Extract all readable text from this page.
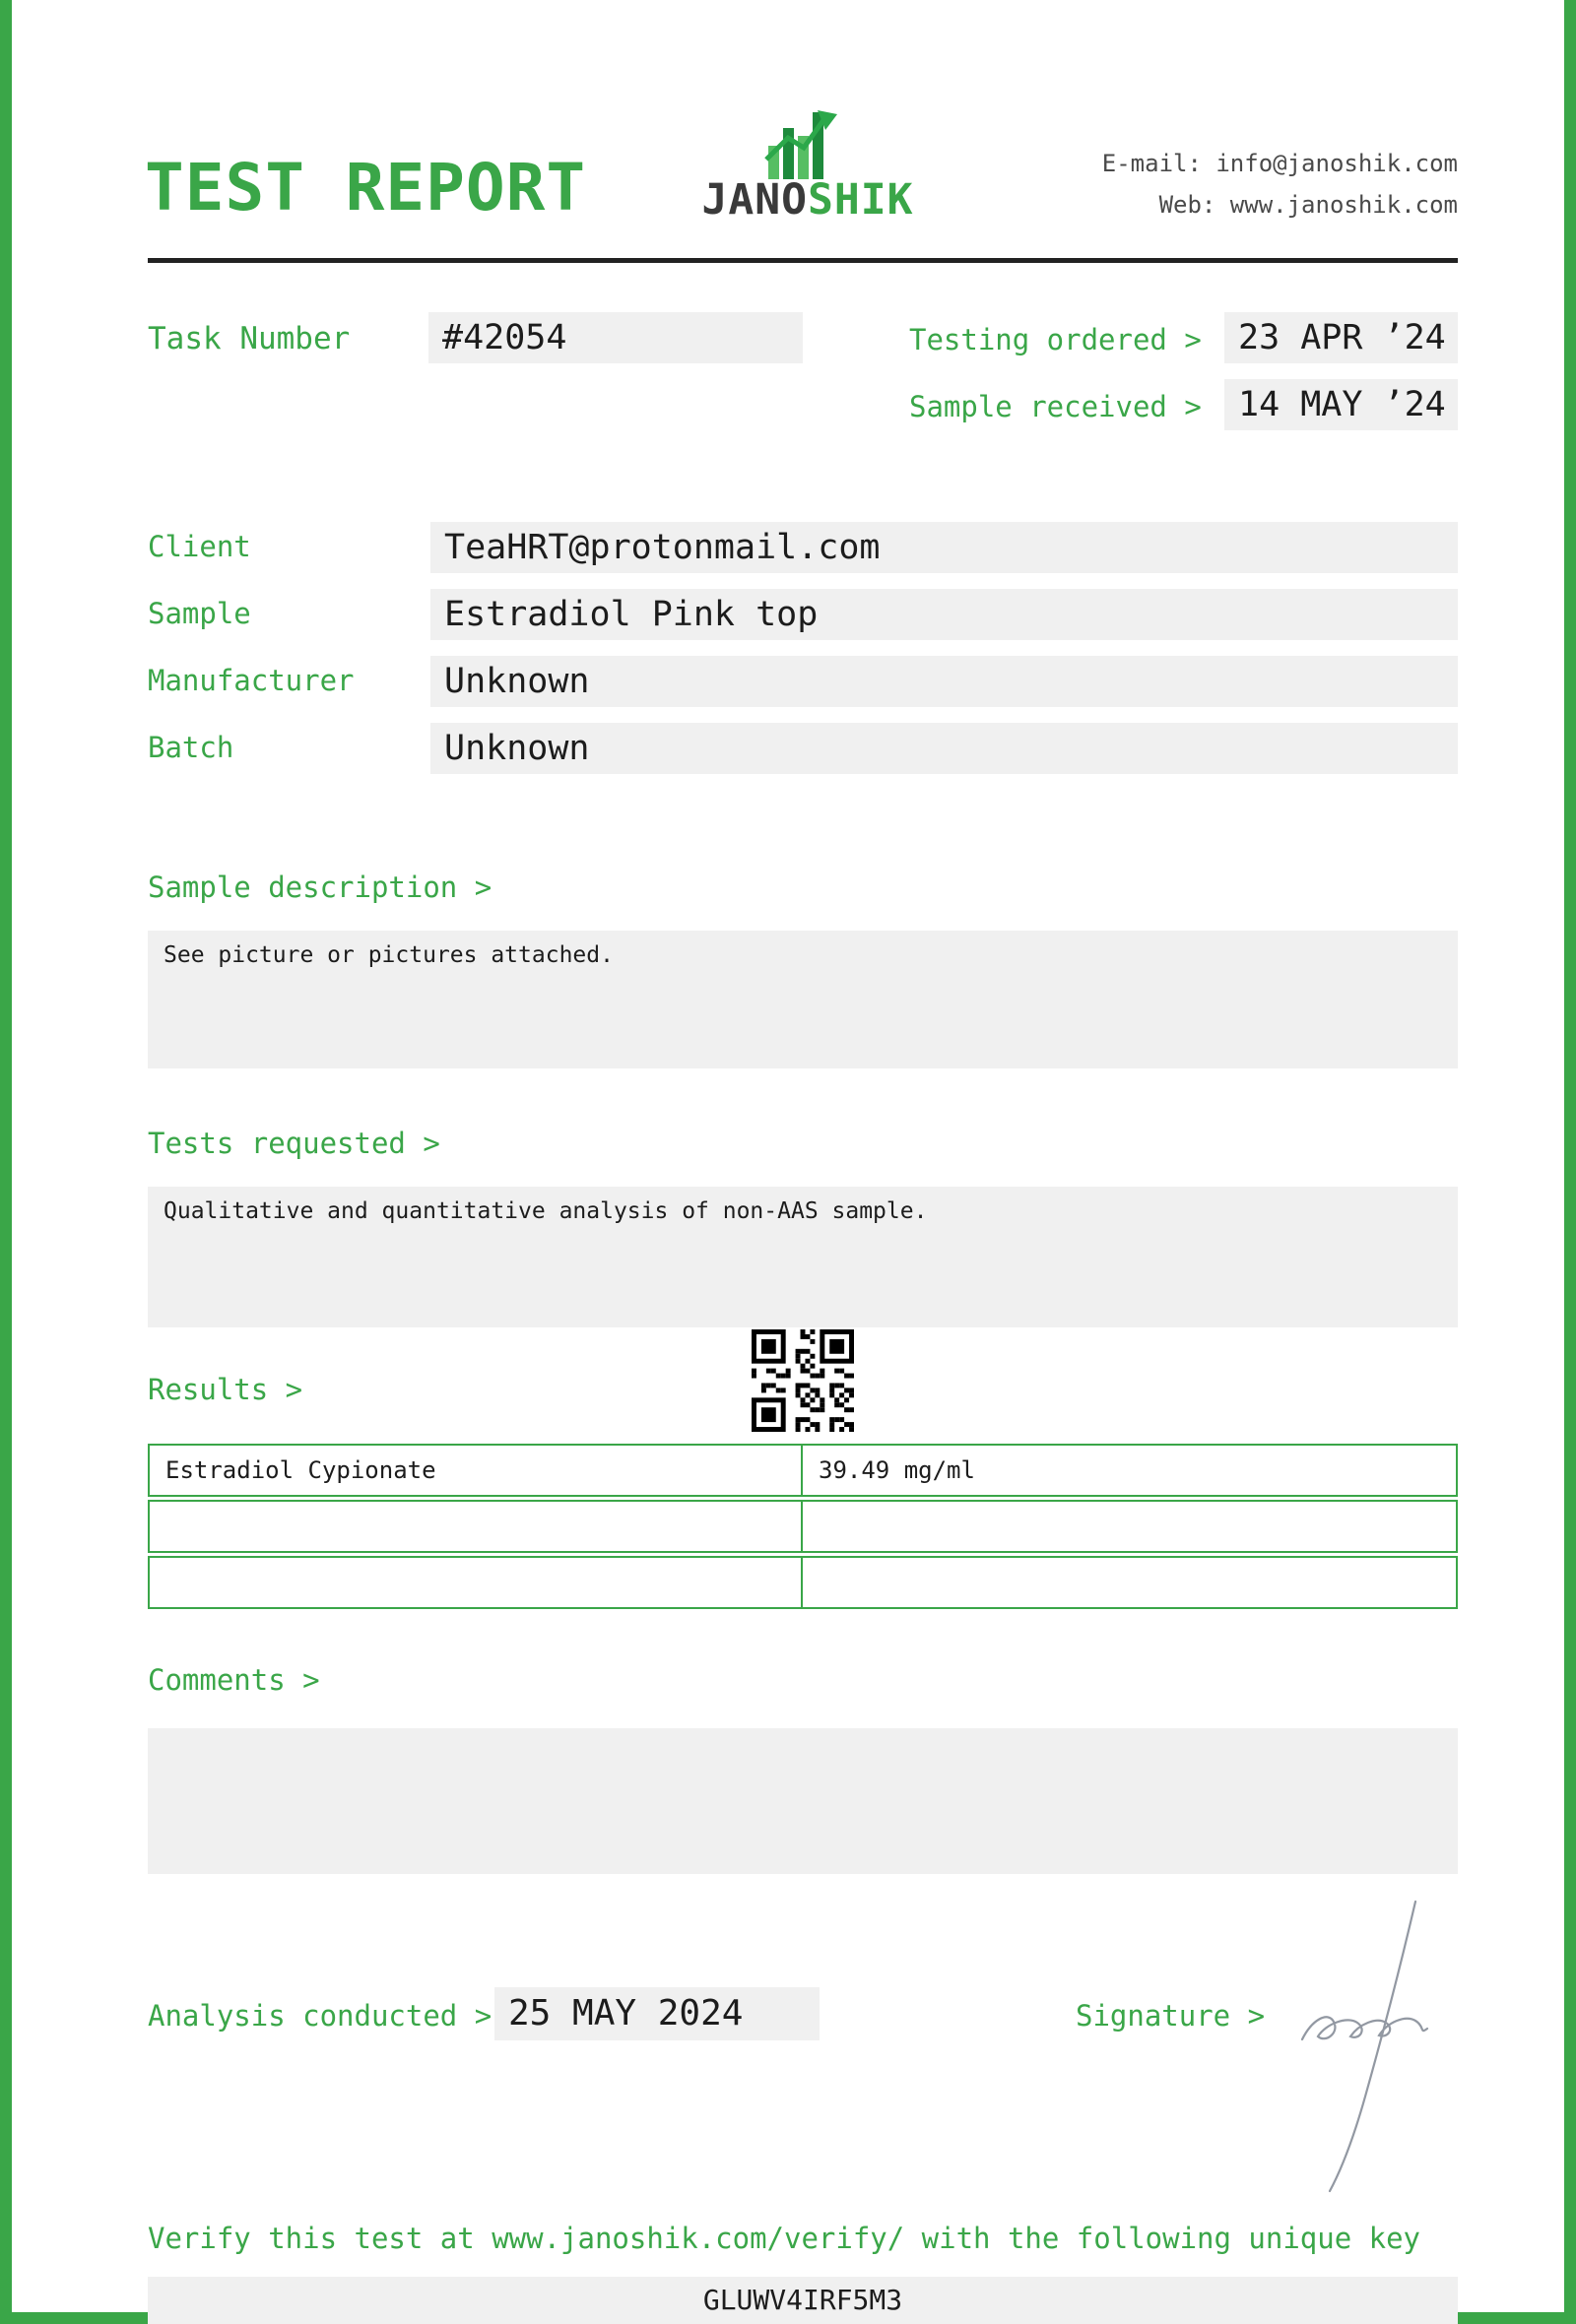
TEST REPORT	JANOSHIK
E-mail: info@janoshik.com
Web: www.janoshik.com
Task Number	#42054	Testing ordered >	23 APR ’24
Sample received >	14 MAY ’24
Client	TeaHRT@protonmail.com
Sample	Estradiol Pink top
Manufacturer	Unknown
Batch	Unknown
Sample description >
See picture or pictures attached.
Tests requested >
Qualitative and quantitative analysis of non-AAS sample.
Results >
Estradiol Cypionate	39.49 mg/ml
Comments >
Analysis conducted > 25 MAY 2024	Signature >
Verify this test at www.janoshik.com/verify/ with the following unique key
GLUWV4IRF5M3
